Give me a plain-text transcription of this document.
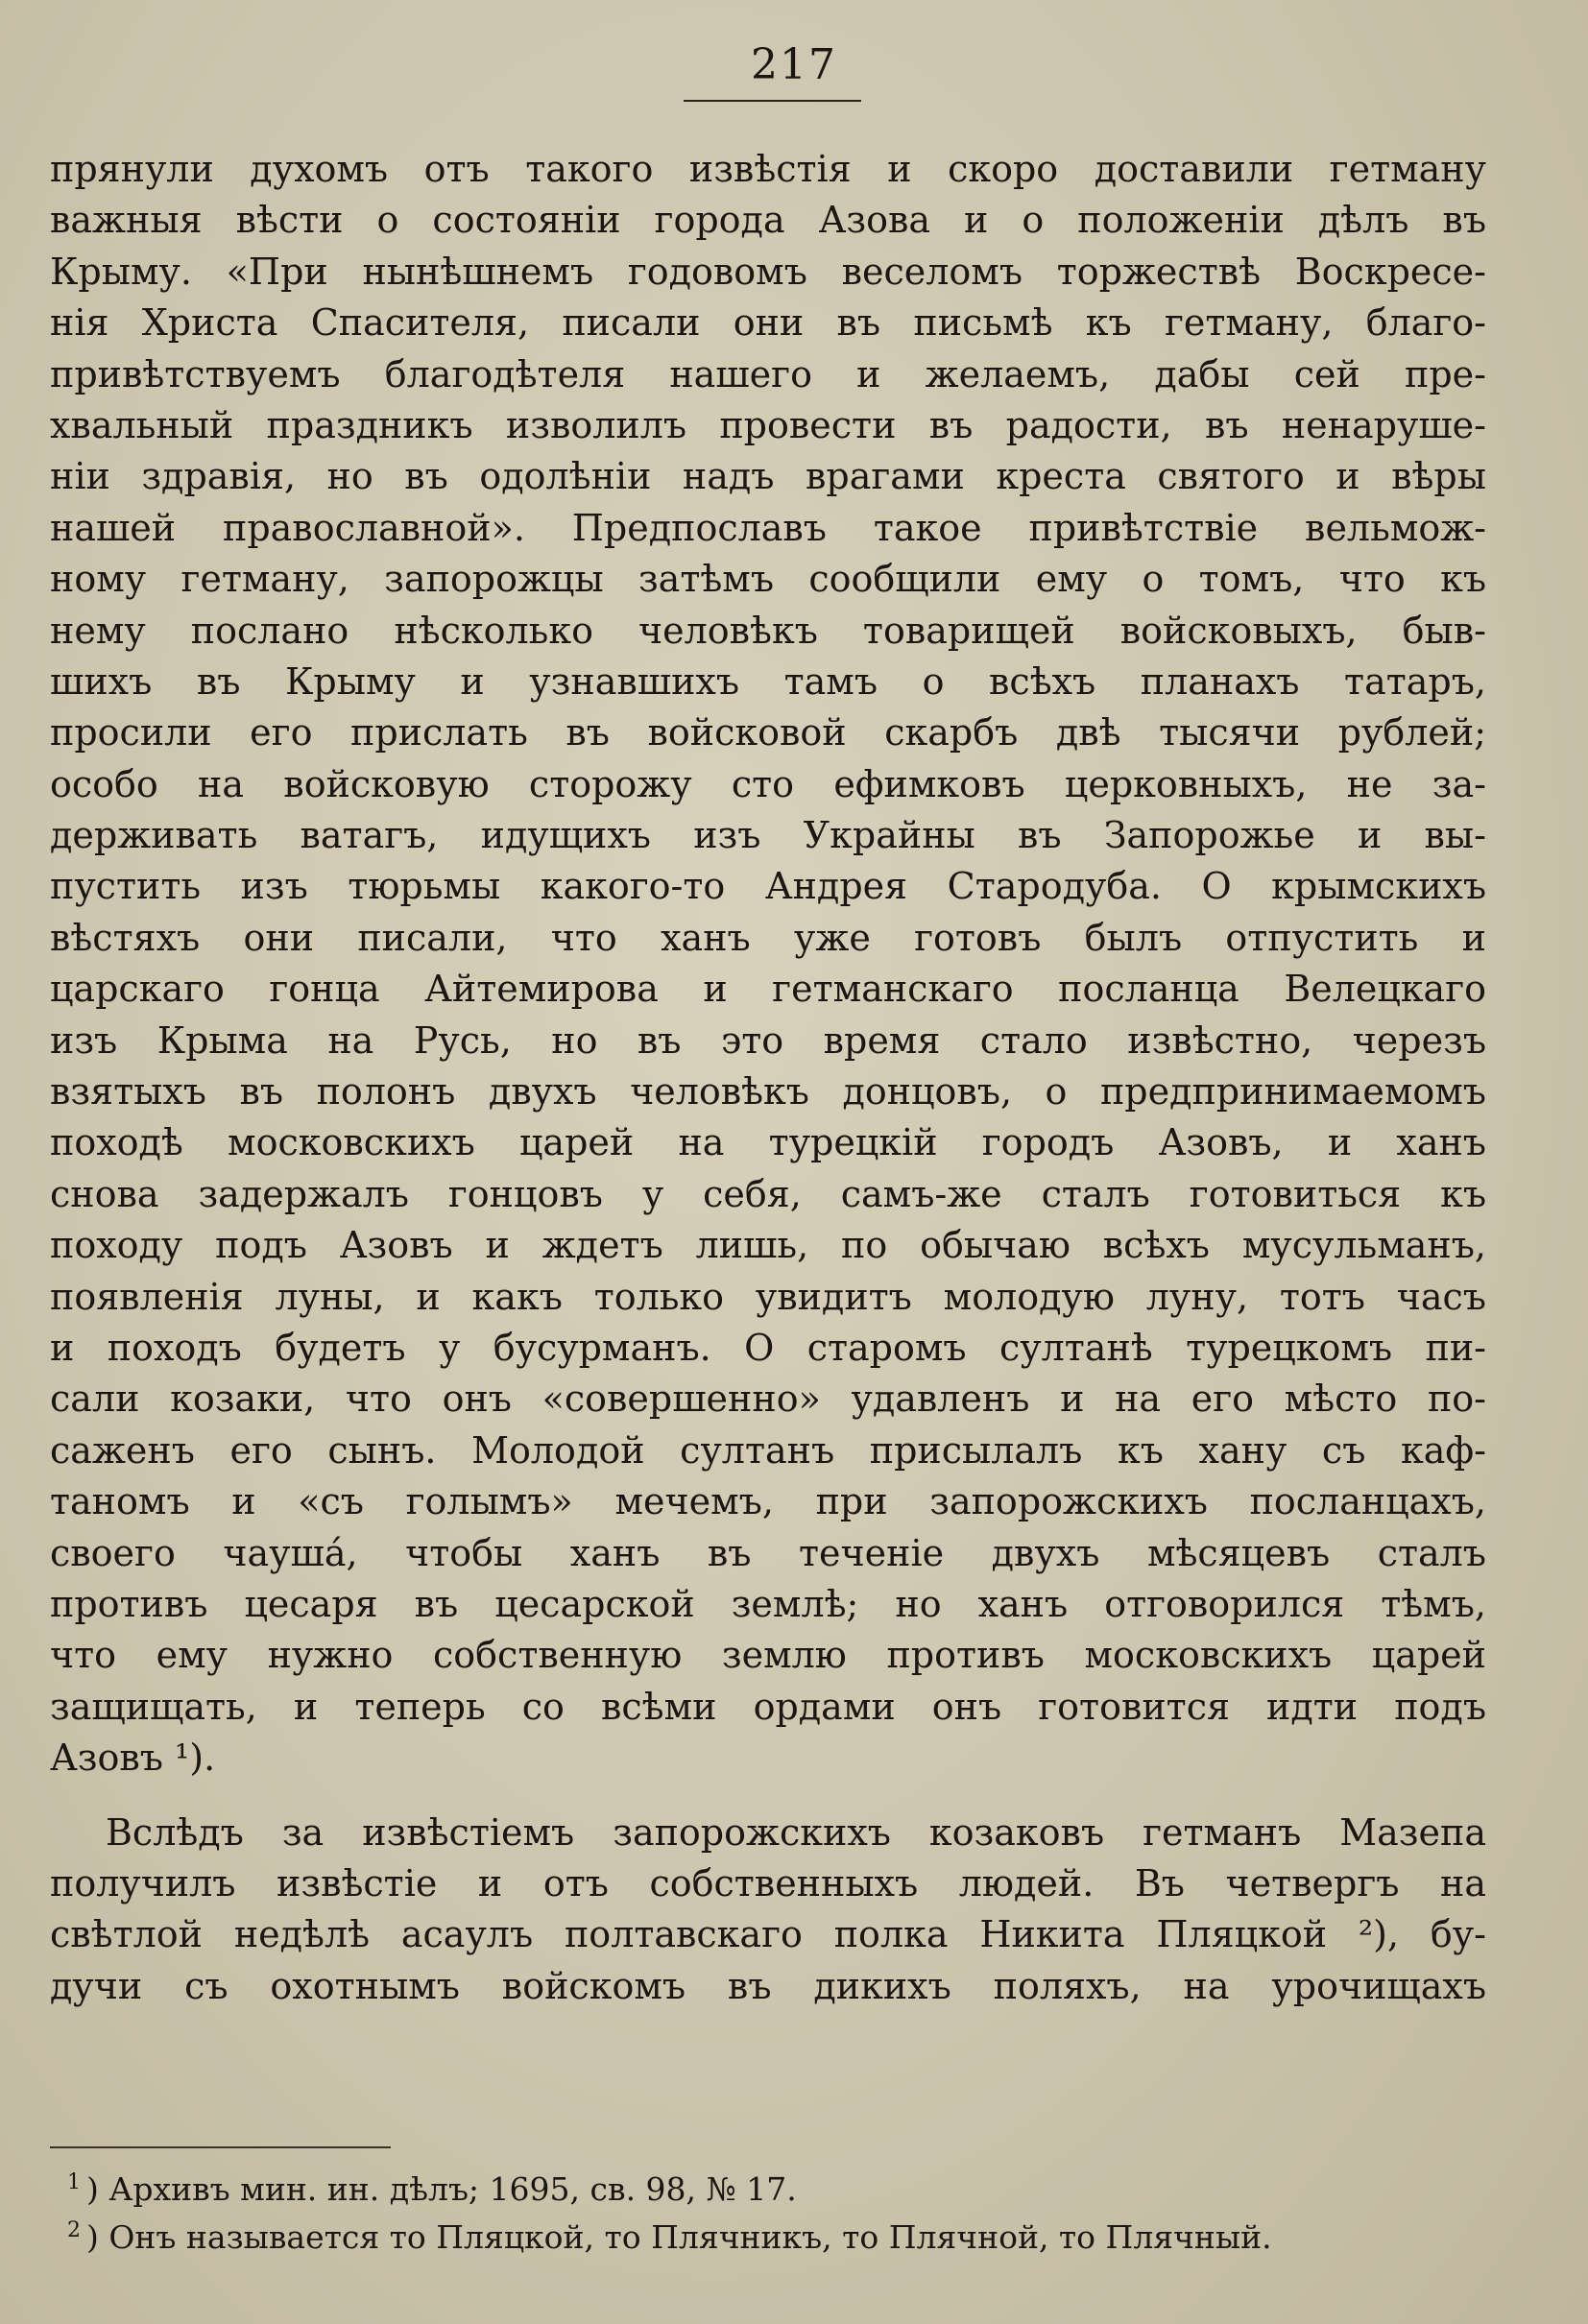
217
прянули духомъ отъ такого извѣстія и скоро доставили гетману
важныя вѣсти о состояніи города Азова и о положеніи дѣлъ въ
Крыму. «При нынѣшнемъ годовомъ веселомъ торжествѣ Воскресе-
нія Христа Спасителя, писали они въ письмѣ къ гетману, благо-
привѣтствуемъ благодѣтеля нашего и желаемъ, дабы сей пре-
хвальный праздникъ изволилъ провести въ радости, въ ненаруше-
ніи здравія, но въ одолѣніи надъ врагами креста святого и вѣры
нашей православной». Предпославъ такое привѣтствіе вельмож-
ному гетману, запорожцы затѣмъ сообщили ему о томъ, что къ
нему послано нѣсколько человѣкъ товарищей войсковыхъ, быв-
шихъ въ Крыму и узнавшихъ тамъ о всѣхъ планахъ татаръ,
просили его прислать въ войсковой скарбъ двѣ тысячи рублей;
особо на войсковую сторожу сто ефимковъ церковныхъ, не за-
держивать ватагъ, идущихъ изъ Украйны въ Запорожье и вы-
пустить изъ тюрьмы какого-то Андрея Стародуба. О крымскихъ
вѣстяхъ они писали, что ханъ уже готовъ былъ отпустить и
царскаго гонца Айтемирова и гетманскаго посланца Велецкаго
изъ Крыма на Русь, но въ это время стало извѣстно, черезъ
взятыхъ въ полонъ двухъ человѣкъ донцовъ, о предпринимаемомъ
походѣ московскихъ царей на турецкій городъ Азовъ, и ханъ
снова задержалъ гонцовъ у себя, самъ-же сталъ готовиться къ
походу подъ Азовъ и ждетъ лишь, по обычаю всѣхъ мусульманъ,
появленія луны, и какъ только увидитъ молодую луну, тотъ часъ
и походъ будетъ у бусурманъ. О старомъ султанѣ турецкомъ пи-
сали козаки, что онъ «совершенно» удавленъ и на его мѣсто по-
саженъ его сынъ. Молодой султанъ присылалъ къ хану съ каф-
таномъ и «съ голымъ» мечемъ, при запорожскихъ посланцахъ,
своего чауша́, чтобы ханъ въ теченіе двухъ мѣсяцевъ сталъ
противъ цесаря въ цесарской землѣ; но ханъ отговорился тѣмъ,
что ему нужно собственную землю противъ московскихъ царей
защищать, и теперь со всѣми ордами онъ готовится идти подъ
Азовъ ¹).
Вслѣдъ за извѣстіемъ запорожскихъ козаковъ гетманъ Мазепа
получилъ извѣстіе и отъ собственныхъ людей. Въ четвергъ на
свѣтлой недѣлѣ асаулъ полтавскаго полка Никита Пляцкой ²), бу-
дучи съ охотнымъ войскомъ въ дикихъ поляхъ, на урочищахъ
$^1$ ) Архивъ мин. ин. дѣлъ; 1695, св. 98, № 17.
$^2$ ) Онъ называется то Пляцкой, то Плячникъ, то Плячной, то Плячный.
